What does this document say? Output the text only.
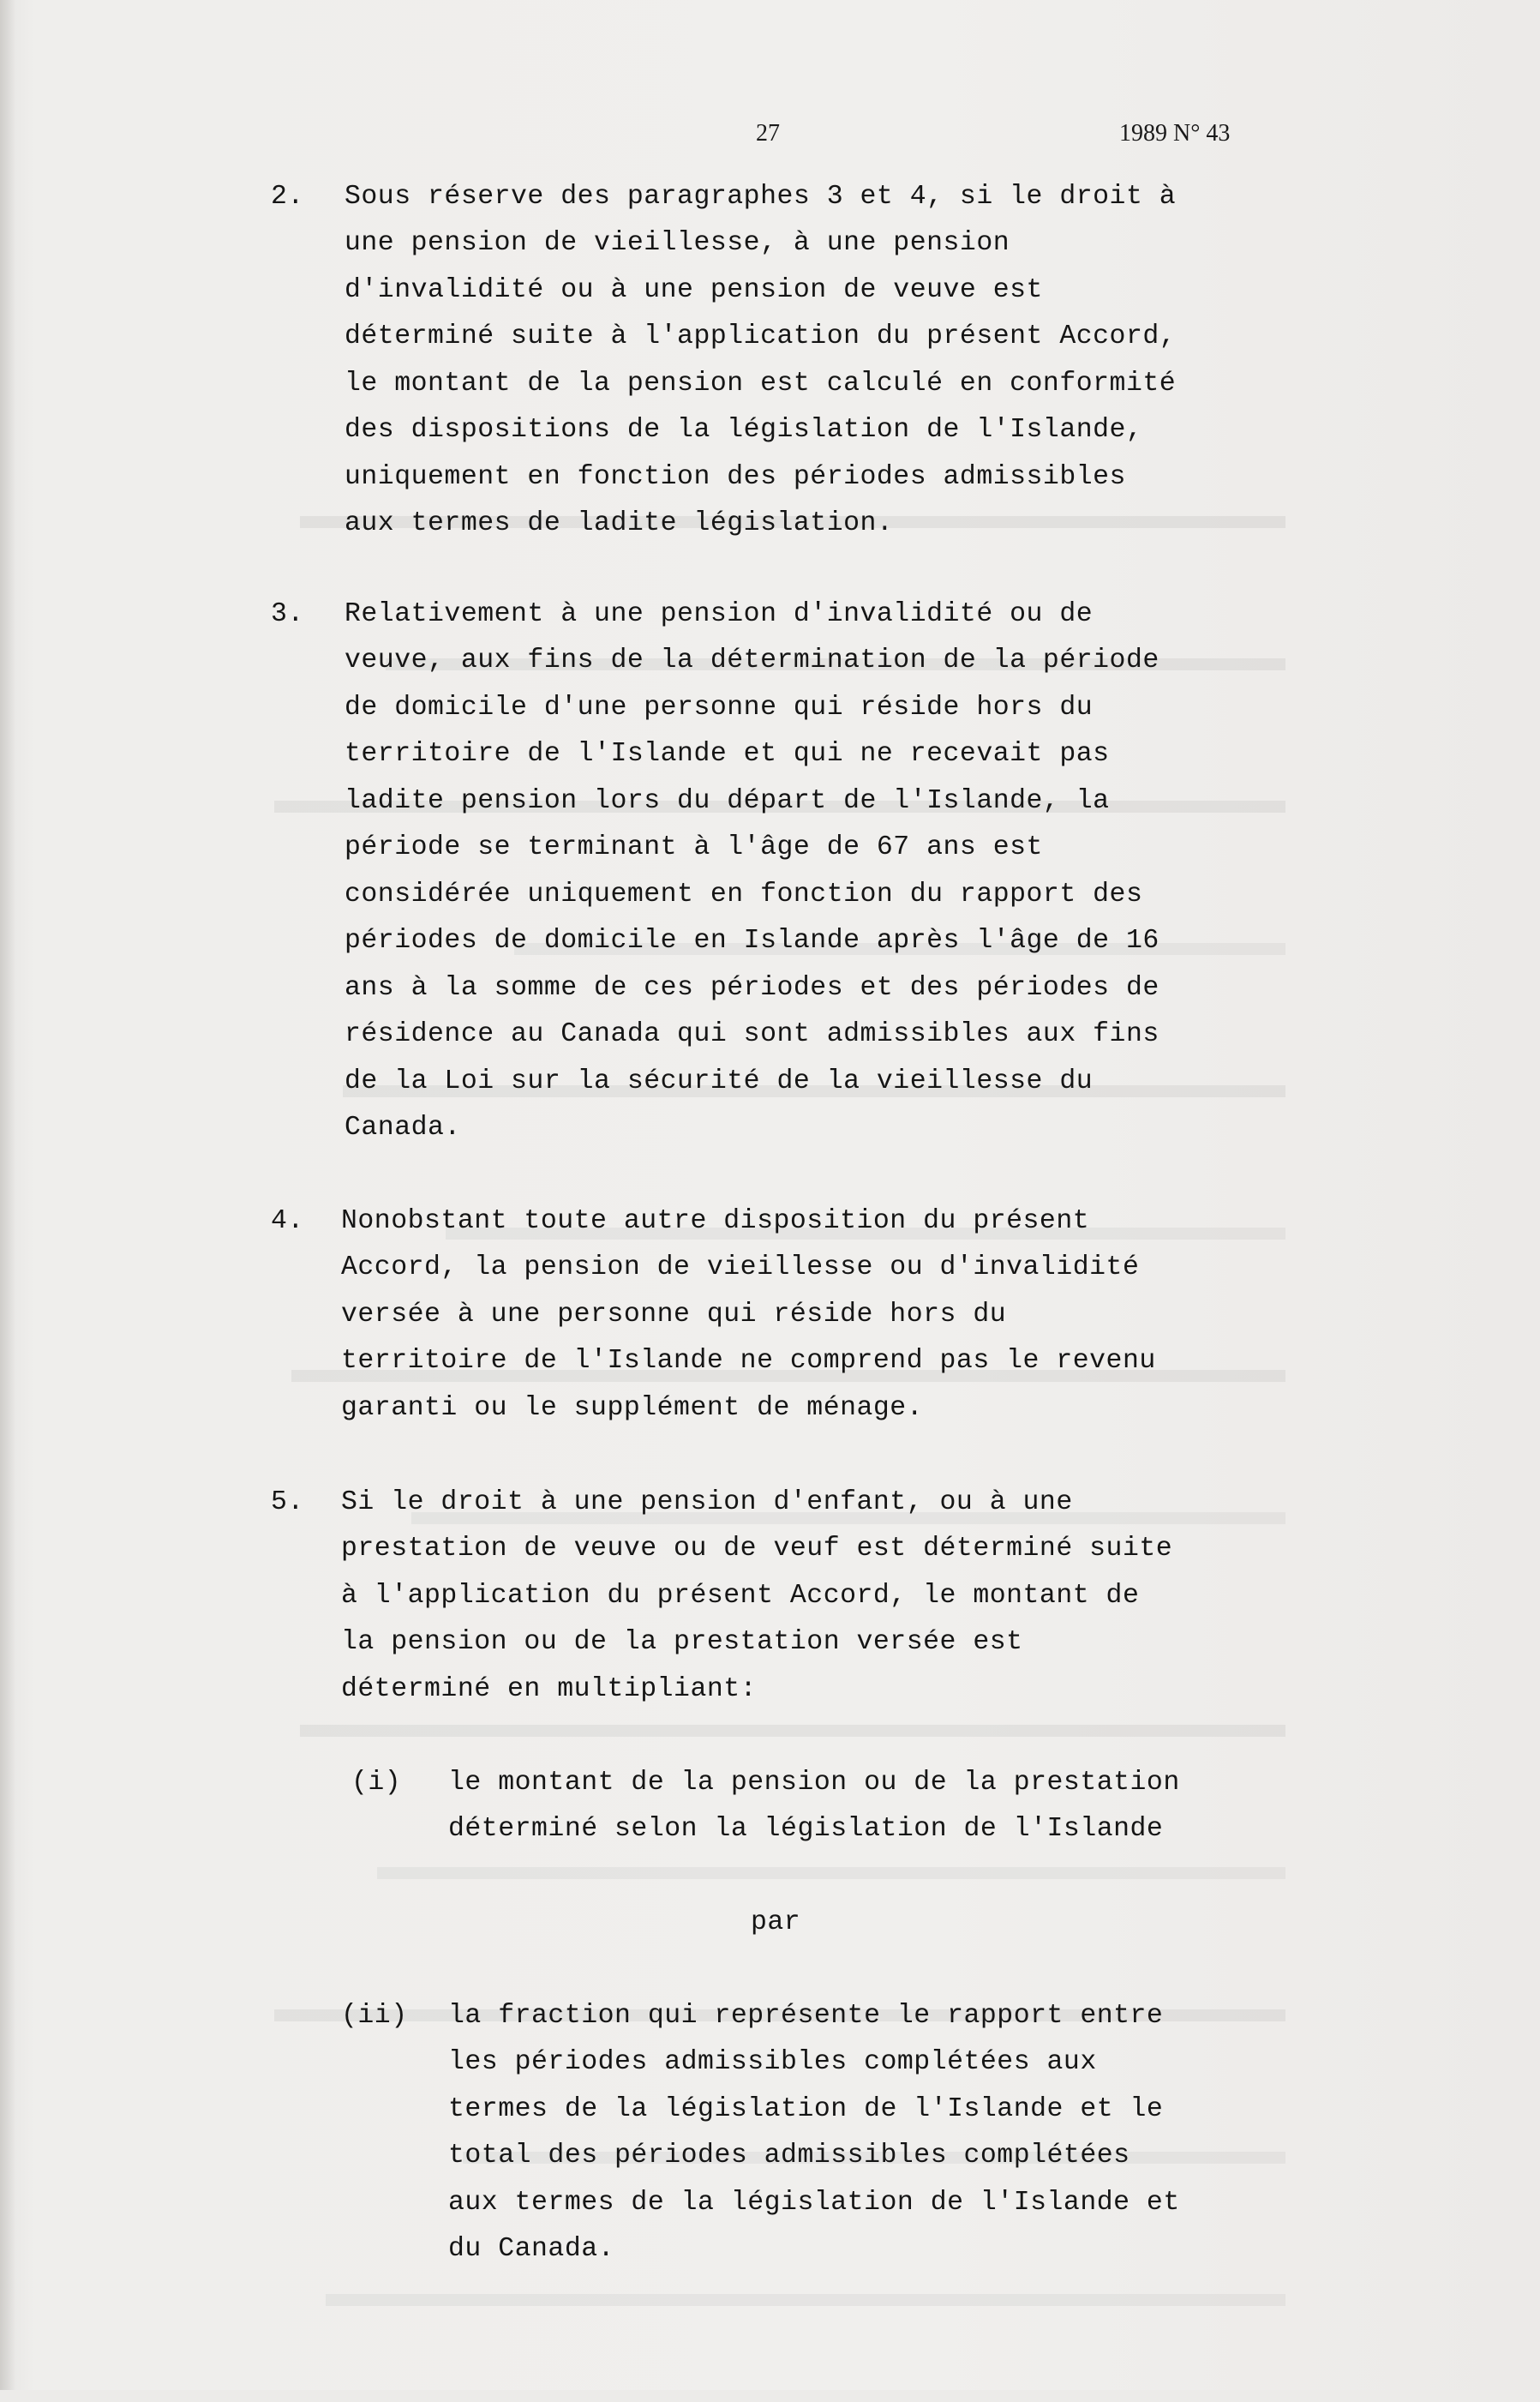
27	1989 N° 43
2. Sous réserve des paragraphes 3 et 4, si le droit à
une pension de vieillesse, à une pension
d'invalidité ou à une pension de veuve est
déterminé suite à l'application du présent Accord,
le montant de la pension est calculé en conformité
des dispositions de la législation de l'Islande,
uniquement en fonction des périodes admissibles
aux termes de ladite législation.
3. Relativement à une pension d'invalidité ou de
veuve, aux fins de la détermination de la période
de domicile d'une personne qui réside hors du
territoire de l'Islande et qui ne recevait pas
ladite pension lors du départ de l'Islande, la
période se terminant à l'âge de 67 ans est
considérée uniquement en fonction du rapport des
périodes de domicile en Islande après l'âge de 16
ans à la somme de ces périodes et des périodes de
résidence au Canada qui sont admissibles aux fins
de la Loi sur la sécurité de la vieillesse du
Canada.
4. Nonobstant toute autre disposition du présent
Accord, la pension de vieillesse ou d'invalidité
versée à une personne qui réside hors du
territoire de l'Islande ne comprend pas le revenu
garanti ou le supplément de ménage.
5. Si le droit à une pension d'enfant, ou à une
prestation de veuve ou de veuf est déterminé suite
à l'application du présent Accord, le montant de
la pension ou de la prestation versée est
déterminé en multipliant:
(i) le montant de la pension ou de la prestation
déterminé selon la législation de l'Islande
par
(ii) la fraction qui représente le rapport entre
les périodes admissibles complétées aux
termes de la législation de l'Islande et le
total des périodes admissibles complétées
aux termes de la législation de l'Islande et
du Canada.
